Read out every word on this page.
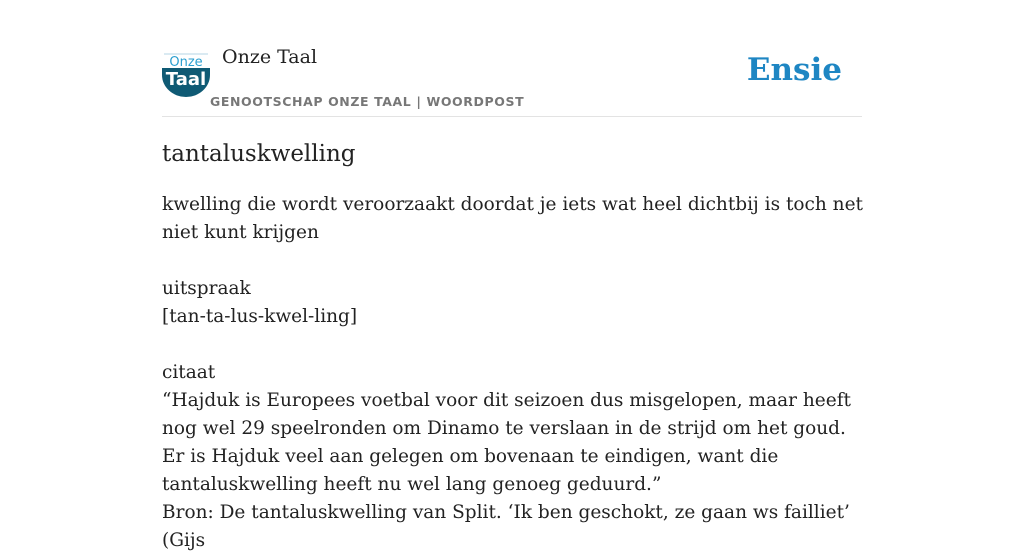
Onze
Taal
Onze Taal
GENOOTSCHAP ONZE TAAL | WOORDPOST
Ensie
tantaluskwelling

kwelling die wordt veroorzaakt doordat je iets wat heel dichtbij is toch net niet kunt krijgen

uitspraak

[tan-ta-lus-kwel-ling]

citaat

“Hajduk is Europees voetbal voor dit seizoen dus misgelopen, maar heeft nog wel 29 speelronden om Dinamo te verslaan in de strijd om het goud. Er is Hajduk veel aan gelegen om bovenaan te eindigen, want die tantaluskwelling heeft nu wel lang genoeg geduurd.”

Bron: De tantaluskwelling van Split. ‘Ik ben geschokt, ze gaan ws failliet’ (Gijs
